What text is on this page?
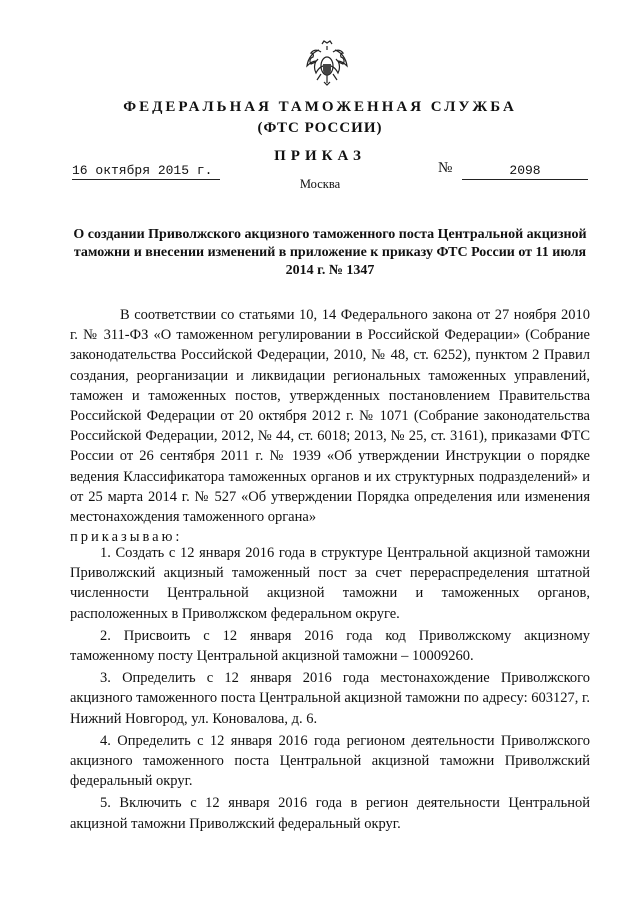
ФЕДЕРАЛЬНАЯ ТАМОЖЕННАЯ СЛУЖБА
(ФТС РОССИИ)
ПРИКАЗ
16 октября 2015 г.	№	2098
Москва
О создании Приволжского акцизного таможенного поста Центральной акцизной таможни и внесении изменений в приложение к приказу ФТС России от 11 июля 2014 г. № 1347

В соответствии со статьями 10, 14 Федерального закона от 27 ноября 2010 г. № 311-ФЗ «О таможенном регулировании в Российской Федерации» (Собрание законодательства Российской Федерации, 2010, № 48, ст. 6252), пунктом 2 Правил создания, реорганизации и ликвидации региональных таможенных управлений, таможен и таможенных постов, утвержденных постановлением Правительства Российской Федерации от 20 октября 2012 г. № 1071 (Собрание законодательства Российской Федерации, 2012, № 44, ст. 6018; 2013, № 25, ст. 3161), приказами ФТС России от 26 сентября 2011 г. № 1939 «Об утверждении Инструкции о порядке ведения Классификатора таможенных органов и их структурных подразделений» и от 25 марта 2014 г. № 527 «Об утверждении Порядка определения или изменения местонахождения таможенного органа»

приказываю:

1. Создать с 12 января 2016 года в структуре Центральной акцизной таможни Приволжский акцизный таможенный пост за счет перераспределения штатной численности Центральной акцизной таможни и таможенных органов, расположенных в Приволжском федеральном округе.

2. Присвоить с 12 января 2016 года код Приволжскому акцизному таможенному посту Центральной акцизной таможни – 10009260.

3. Определить с 12 января 2016 года местонахождение Приволжского акцизного таможенного поста Центральной акцизной таможни по адресу: 603127, г. Нижний Новгород, ул. Коновалова, д. 6.

4. Определить с 12 января 2016 года регионом деятельности Приволжского акцизного таможенного поста Центральной акцизной таможни Приволжский федеральный округ.

5. Включить с 12 января 2016 года в регион деятельности Центральной акцизной таможни Приволжский федеральный округ.
